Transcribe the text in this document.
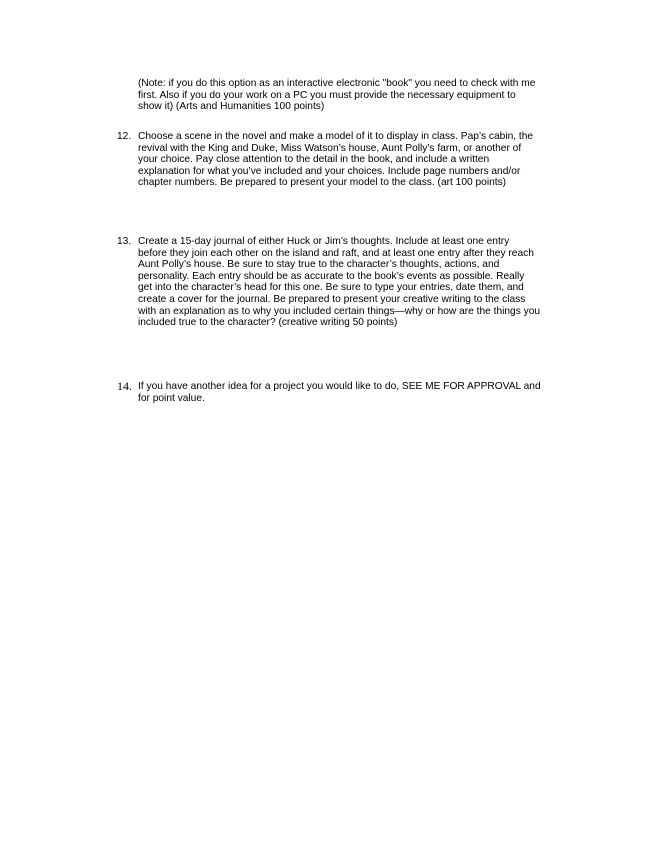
(Note: if you do this option as an interactive electronic "book" you need to check with me
first. Also if you do your work on a PC you must provide the necessary equipment to
show it) (Arts and Humanities 100 points)

12. Choose a scene in the novel and make a model of it to display in class. Pap’s cabin, the
revival with the King and Duke, Miss Watson’s house, Aunt Polly’s farm, or another of
your choice. Pay close attention to the detail in the book, and include a written
explanation for what you’ve included and your choices. Include page numbers and/or
chapter numbers. Be prepared to present your model to the class. (art 100 points)
13. Create a 15-day journal of either Huck or Jim’s thoughts. Include at least one entry
before they join each other on the island and raft, and at least one entry after they reach
Aunt Polly’s house. Be sure to stay true to the character’s thoughts, actions, and
personality. Each entry should be as accurate to the book’s events as possible. Really
get into the character’s head for this one. Be sure to type your entries, date them, and
create a cover for the journal. Be prepared to present your creative writing to the class
with an explanation as to why you included certain things—why or how are the things you
included true to the character? (creative writing 50 points)
14. If you have another idea for a project you would like to do, SEE ME FOR APPROVAL and
for point value.
